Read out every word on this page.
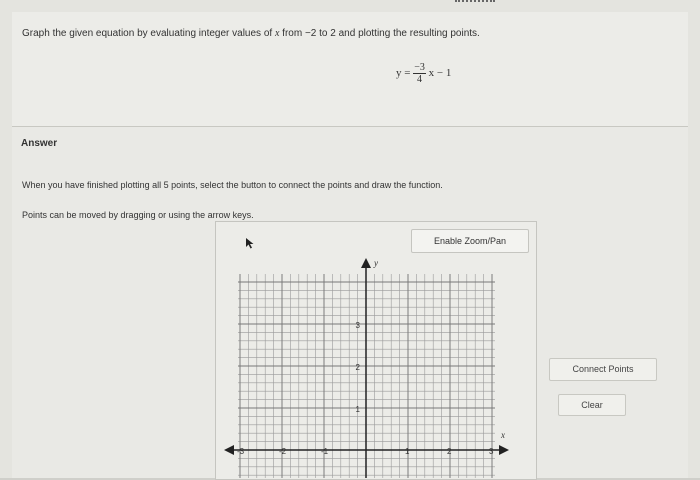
Graph the given equation by evaluating integer values of x from −2 to 2 and plotting the resulting points.
$y = \frac{-3}{4}$ x − 1
Answer
When you have finished plotting all 5 points, select the button to connect the points and draw the function.
Points can be moved by dragging or using the arrow keys.
Enable Zoom/Pan
x
y
-3	-2	-1	1	2	3
3
2
1
Connect Points
Clear
